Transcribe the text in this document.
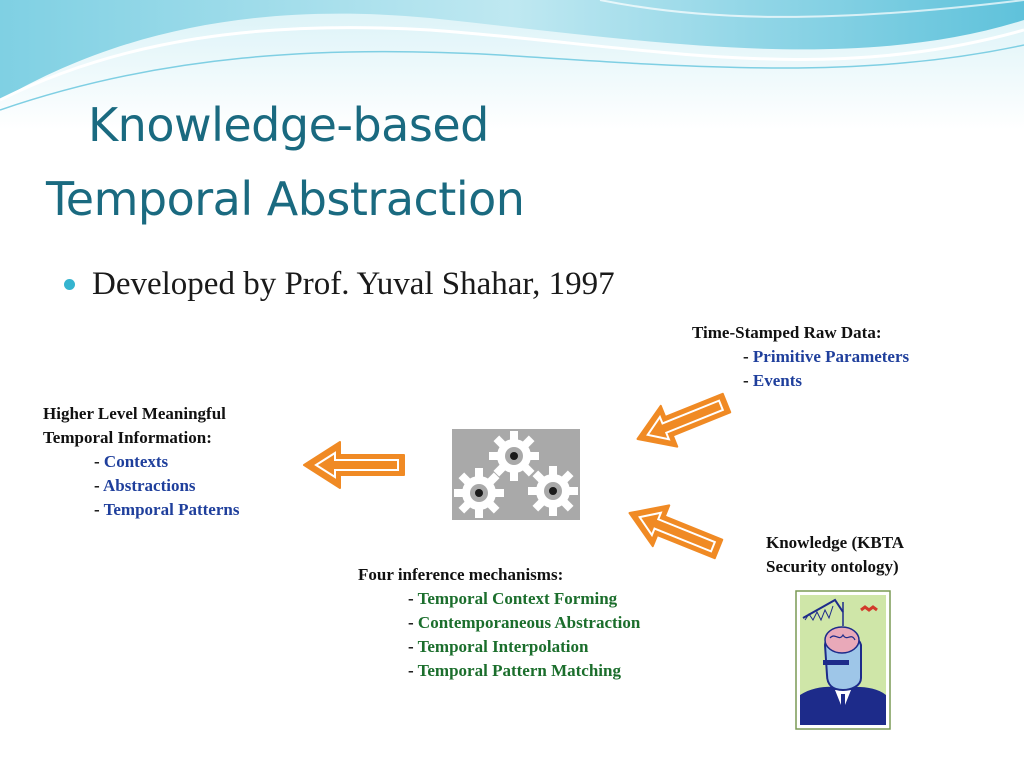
Knowledge-based
Temporal Abstraction
Developed by Prof. Yuval Shahar, 1997
Time-Stamped Raw Data:
- Primitive Parameters
- Events
Higher Level Meaningful
Temporal Information:
- Contexts
- Abstractions
- Temporal Patterns
Knowledge (KBTA
Security ontology)
Four inference mechanisms:
- Temporal Context Forming
- Contemporaneous Abstraction
- Temporal Interpolation
- Temporal Pattern Matching
